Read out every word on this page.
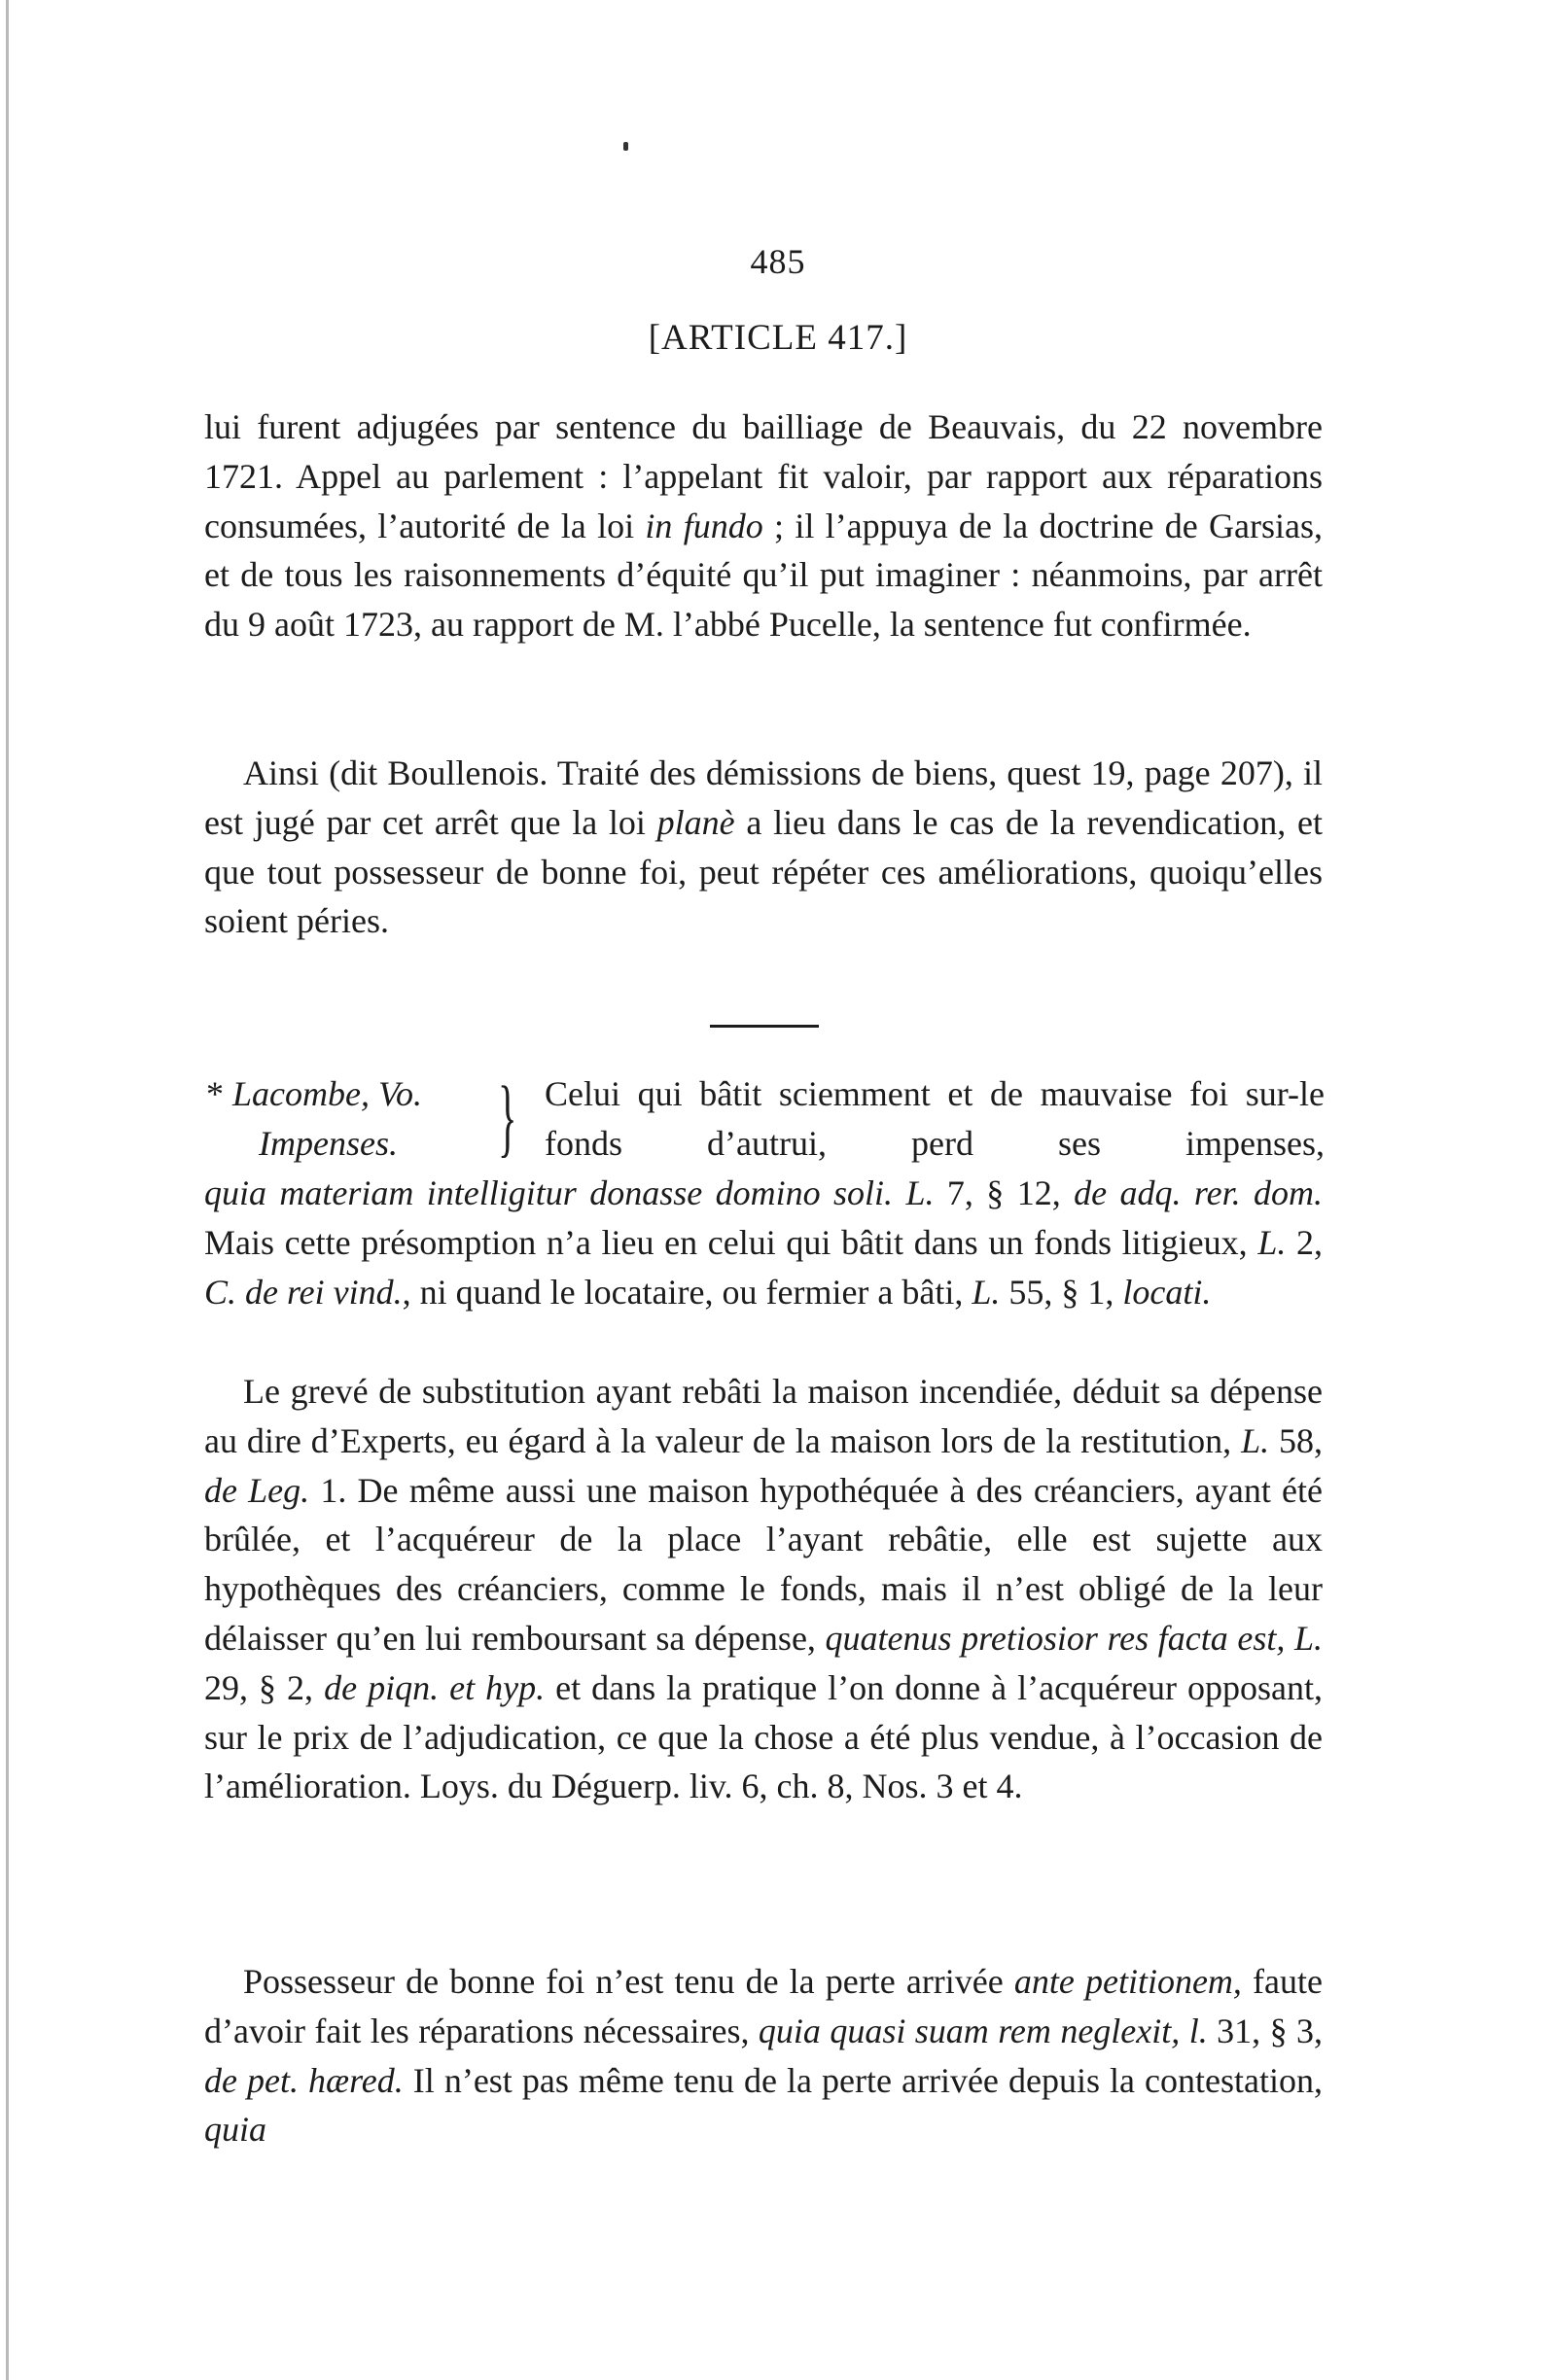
485
[ARTICLE 417.]

lui furent adjugées par sentence du bailliage de Beauvais, du 22 novembre 1721. Appel au parlement : l’appelant fit valoir, par rapport aux réparations consumées, l’autorité de la loi in fundo ; il l’appuya de la doctrine de Garsias, et de tous les raisonnements d’équité qu’il put imaginer : néanmoins, par arrêt du 9 août 1723, au rapport de M. l’abbé Pucelle, la sentence fut confirmée.

Ainsi (dit Boullenois. Traité des démissions de biens, quest 19, page 207), il est jugé par cet arrêt que la loi planè a lieu dans le cas de la revendication, et que tout possesseur de bonne foi, peut répéter ces améliorations, quoiqu’elles soient péries.

* Lacombe, Vo.
Impenses.	} Celui qui bâtit sciemment et de mauvaise foi sur-le fonds d’autrui, perd ses impenses,

quia materiam intelligitur donasse domino soli. L. 7, § 12, de adq. rer. dom. Mais cette présomption n’a lieu en celui qui bâtit dans un fonds litigieux, L. 2, C. de rei vind., ni quand le locataire, ou fermier a bâti, L. 55, § 1, locati.

Le grevé de substitution ayant rebâti la maison incendiée, déduit sa dépense au dire d’Experts, eu égard à la valeur de la maison lors de la restitution, L. 58, de Leg. 1. De même aussi une maison hypothéquée à des créanciers, ayant été brûlée, et l’acquéreur de la place l’ayant rebâtie, elle est sujette aux hypothèques des créanciers, comme le fonds, mais il n’est obligé de la leur délaisser qu’en lui remboursant sa dépense, quatenus pretiosior res facta est, L. 29, § 2, de piqn. et hyp. et dans la pratique l’on donne à l’acquéreur opposant, sur le prix de l’adjudication, ce que la chose a été plus vendue, à l’occasion de l’amélioration. Loys. du Déguerp. liv. 6, ch. 8, Nos. 3 et 4.

Possesseur de bonne foi n’est tenu de la perte arrivée ante petitionem, faute d’avoir fait les réparations nécessaires, quia quasi suam rem neglexit, l. 31, § 3, de pet. hæred. Il n’est pas même tenu de la perte arrivée depuis la contestation, quia
